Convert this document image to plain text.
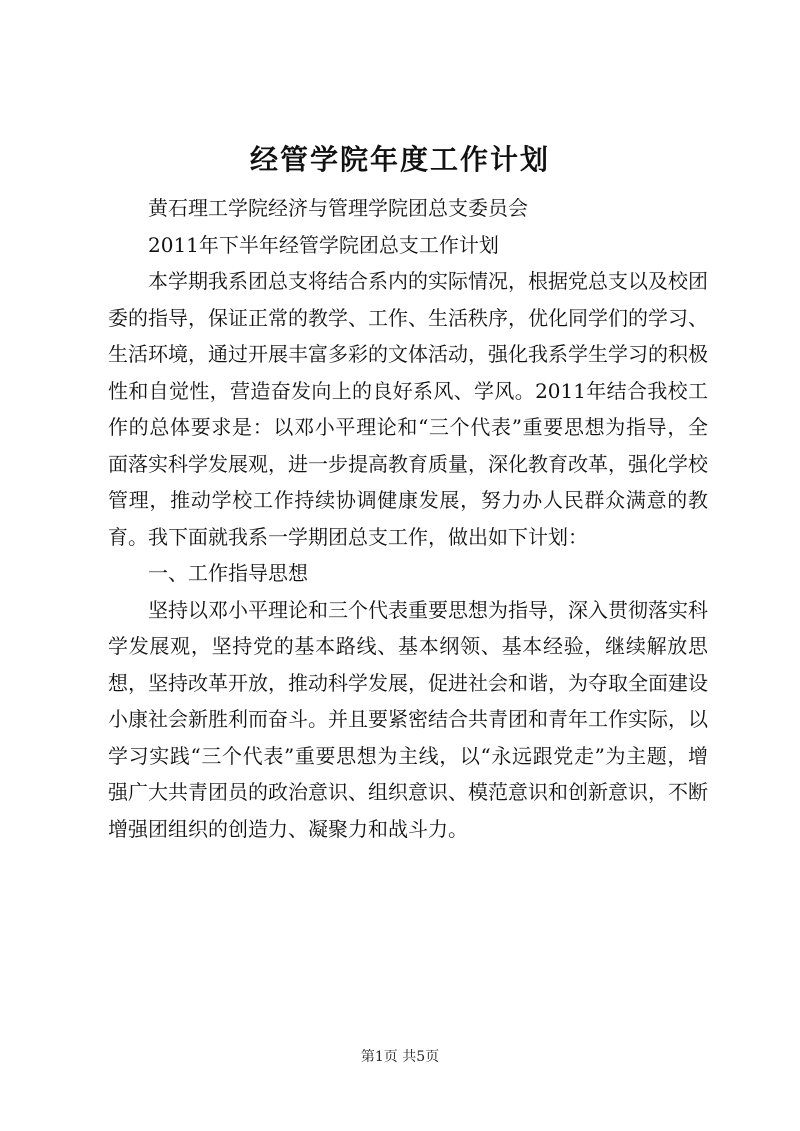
经管学院年度工作计划

黄石理工学院经济与管理学院团总支委员会

2011年下半年经管学院团总支工作计划

本学期我系团总支将结合系内的实际情况，根据党总支以及校团委的指导，保证正常的教学、工作、生活秩序，优化同学们的学习、生活环境，通过开展丰富多彩的文体活动，强化我系学生学习的积极性和自觉性，营造奋发向上的良好系风、学风。2011年结合我校工作的总体要求是：以邓小平理论和“三个代表”重要思想为指导，全面落实科学发展观，进一步提高教育质量，深化教育改革，强化学校管理，推动学校工作持续协调健康发展，努力办人民群众满意的教育。我下面就我系一学期团总支工作，做出如下计划：

一、工作指导思想

坚持以邓小平理论和三个代表重要思想为指导，深入贯彻落实科学发展观，坚持党的基本路线、基本纲领、基本经验，继续解放思想，坚持改革开放，推动科学发展，促进社会和谐，为夺取全面建设小康社会新胜利而奋斗。并且要紧密结合共青团和青年工作实际，以学习实践“三个代表”重要思想为主线，以“永远跟党走”为主题，增强广大共青团员的政治意识、组织意识、模范意识和创新意识，不断增强团组织的创造力、凝聚力和战斗力。

第1页 共5页
